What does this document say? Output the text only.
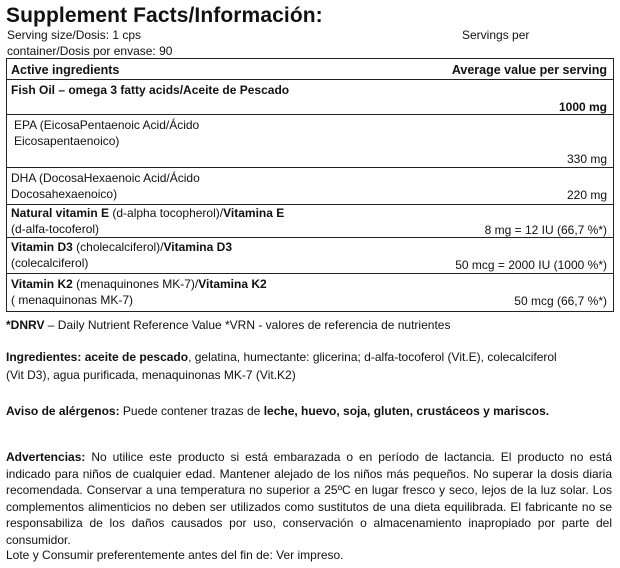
Supplement Facts/Información:
Serving size/Dosis: 1 cps	Servings per
container/Dosis por envase: 90
Active ingredients	Average value per serving
Fish Oil – omega 3 fatty acids/Aceite de Pescado
1000 mg
EPA (EicosaPentaenoic Acid/Ácido Eicosapentaenoico)
330 mg
DHA (DocosaHexaenoic Acid/Ácido Docosahexaenoico)	220 mg
Natural vitamin E (d-alpha tocopherol)/Vitamina E
(d-alfa-tocoferol)	8 mg = 12 IU (66,7 %*)
Vitamin D3 (cholecalciferol)/Vitamina D3
(colecalciferol)	50 mcg = 2000 IU (1000 %*)
Vitamin K2 (menaquinones MK-7)/Vitamina K2
( menaquinonas MK-7)	50 mcg (66,7 %*)
*DNRV – Daily Nutrient Reference Value *VRN - valores de referencia de nutrientes
Ingredientes: aceite de pescado, gelatina, humectante: glicerina; d-alfa-tocoferol (Vit.E), colecalciferol (Vit D3), agua purificada, menaquinonas MK-7 (Vit.K2)
Aviso de alérgenos: Puede contener trazas de leche, huevo, soja, gluten, crustáceos y mariscos.
Advertencias: No utilice este producto si está embarazada o en período de lactancia. El producto no está indicado para niños de cualquier edad. Mantener alejado de los niños más pequeños. No superar la dosis diaria recomendada. Conservar a una temperatura no superior a 25ºC en lugar fresco y seco, lejos de la luz solar. Los complementos alimenticios no deben ser utilizados como sustitutos de una dieta equilibrada. El fabricante no se responsabiliza de los daños causados por uso, conservación o almacenamiento inapropiado por parte del consumidor.
Lote y Consumir preferentemente antes del fin de: Ver impreso.
